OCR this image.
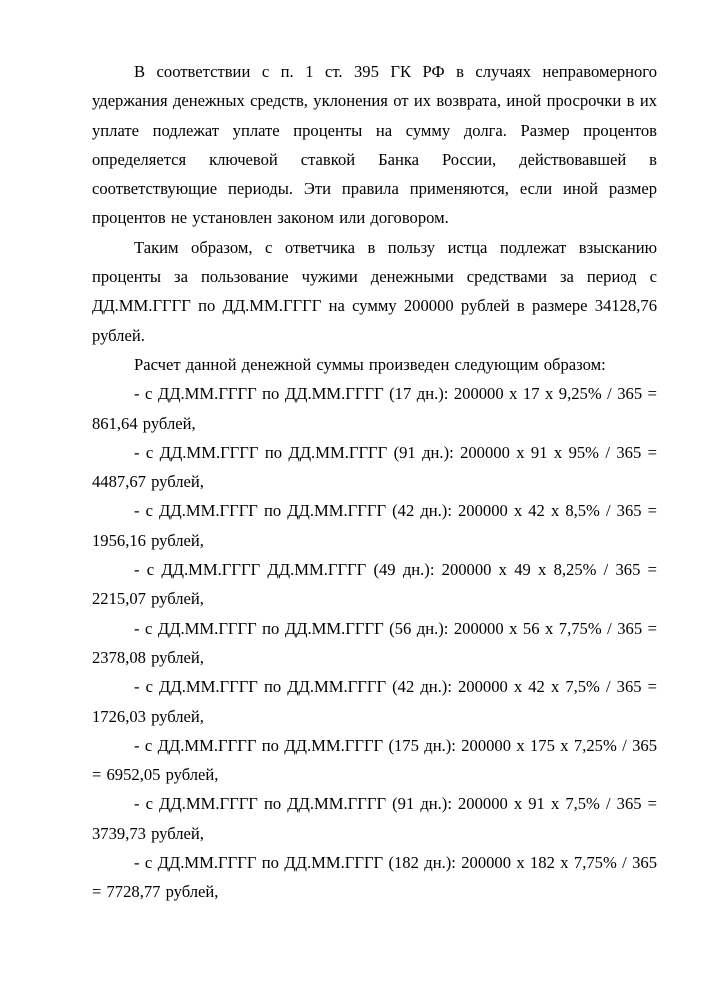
В соответствии с п. 1 ст. 395 ГК РФ в случаях неправомерного удержания денежных средств, уклонения от их возврата, иной просрочки в их уплате подлежат уплате проценты на сумму долга. Размер процентов определяется ключевой ставкой Банка России, действовавшей в соответствующие периоды. Эти правила применяются, если иной размер процентов не установлен законом или договором.

Таким образом, с ответчика в пользу истца подлежат взысканию проценты за пользование чужими денежными средствами за период с ДД.ММ.ГГГГ по ДД.ММ.ГГГГ на сумму 200000 рублей в размере 34128,76 рублей.

Расчет данной денежной суммы произведен следующим образом:

- с ДД.ММ.ГГГГ по ДД.ММ.ГГГГ (17 дн.): 200000 х 17 х 9,25% / 365 = 861,64 рублей,

- с ДД.ММ.ГГГГ по ДД.ММ.ГГГГ (91 дн.): 200000 х 91 х 95% / 365 = 4487,67 рублей,

- с ДД.ММ.ГГГГ по ДД.ММ.ГГГГ (42 дн.): 200000 х 42 х 8,5% / 365 = 1956,16 рублей,

- с ДД.ММ.ГГГГ ДД.ММ.ГГГГ (49 дн.): 200000 х 49 х 8,25% / 365 = 2215,07 рублей,

- с ДД.ММ.ГГГГ по ДД.ММ.ГГГГ (56 дн.): 200000 х 56 х 7,75% / 365 = 2378,08 рублей,

- с ДД.ММ.ГГГГ по ДД.ММ.ГГГГ (42 дн.): 200000 х 42 х 7,5% / 365 = 1726,03 рублей,

- с ДД.ММ.ГГГГ по ДД.ММ.ГГГГ (175 дн.): 200000 х 175 х 7,25% / 365 = 6952,05 рублей,

- с ДД.ММ.ГГГГ по ДД.ММ.ГГГГ (91 дн.): 200000 х 91 х 7,5% / 365 = 3739,73 рублей,

- с ДД.ММ.ГГГГ по ДД.ММ.ГГГГ (182 дн.): 200000 х 182 х 7,75% / 365 = 7728,77 рублей,
